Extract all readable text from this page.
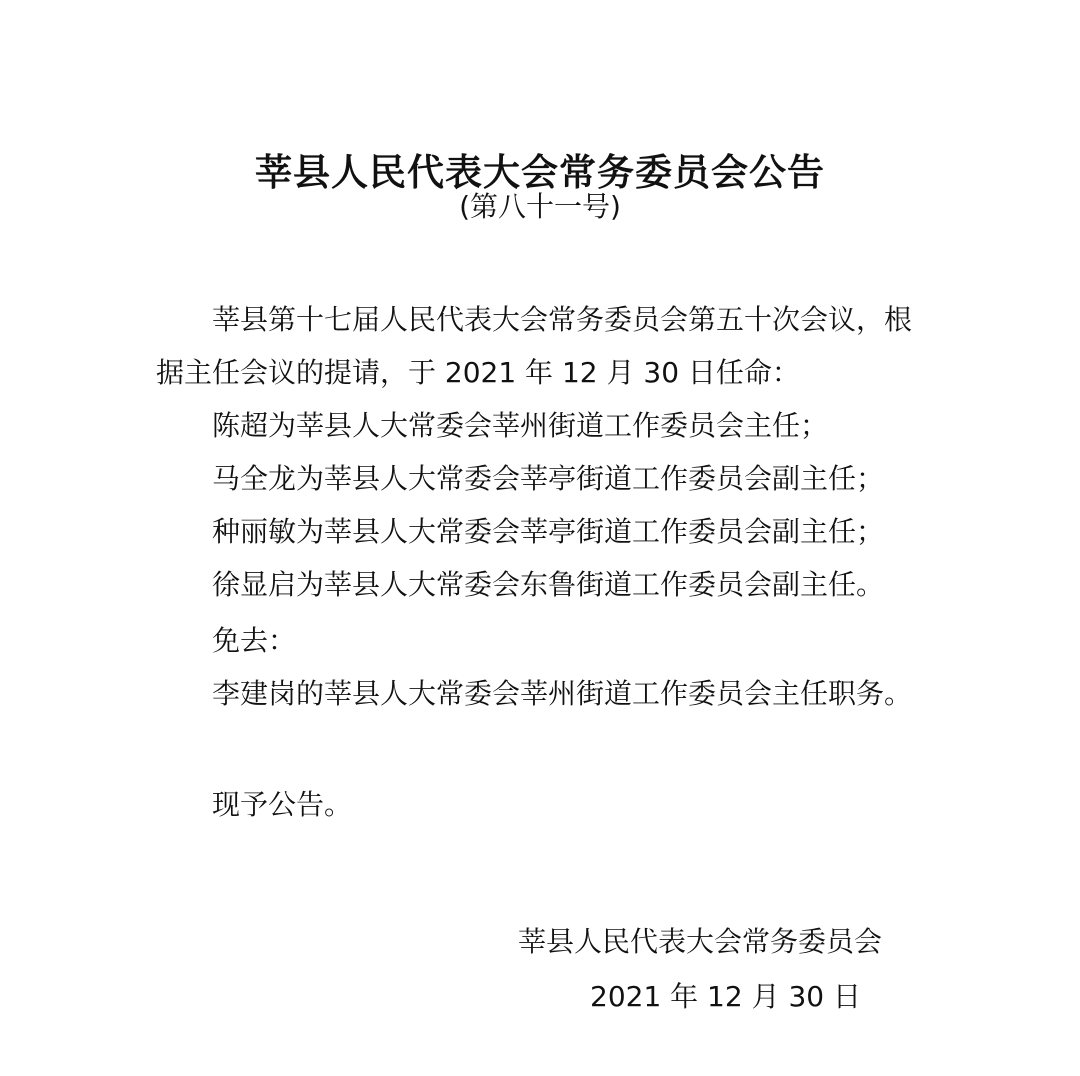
莘县人民代表大会常务委员会公告
(第八十一号)

莘县第十七届人民代表大会常务委员会第五十次会议，根

据主任会议的提请，于 2021 年 12 月 30 日任命：

陈超为莘县人大常委会莘州街道工作委员会主任；

马全龙为莘县人大常委会莘亭街道工作委员会副主任；

种丽敏为莘县人大常委会莘亭街道工作委员会副主任；

徐显启为莘县人大常委会东鲁街道工作委员会副主任。

免去：

李建岗的莘县人大常委会莘州街道工作委员会主任职务。

现予公告。

莘县人民代表大会常务委员会
2021 年 12 月 30 日
